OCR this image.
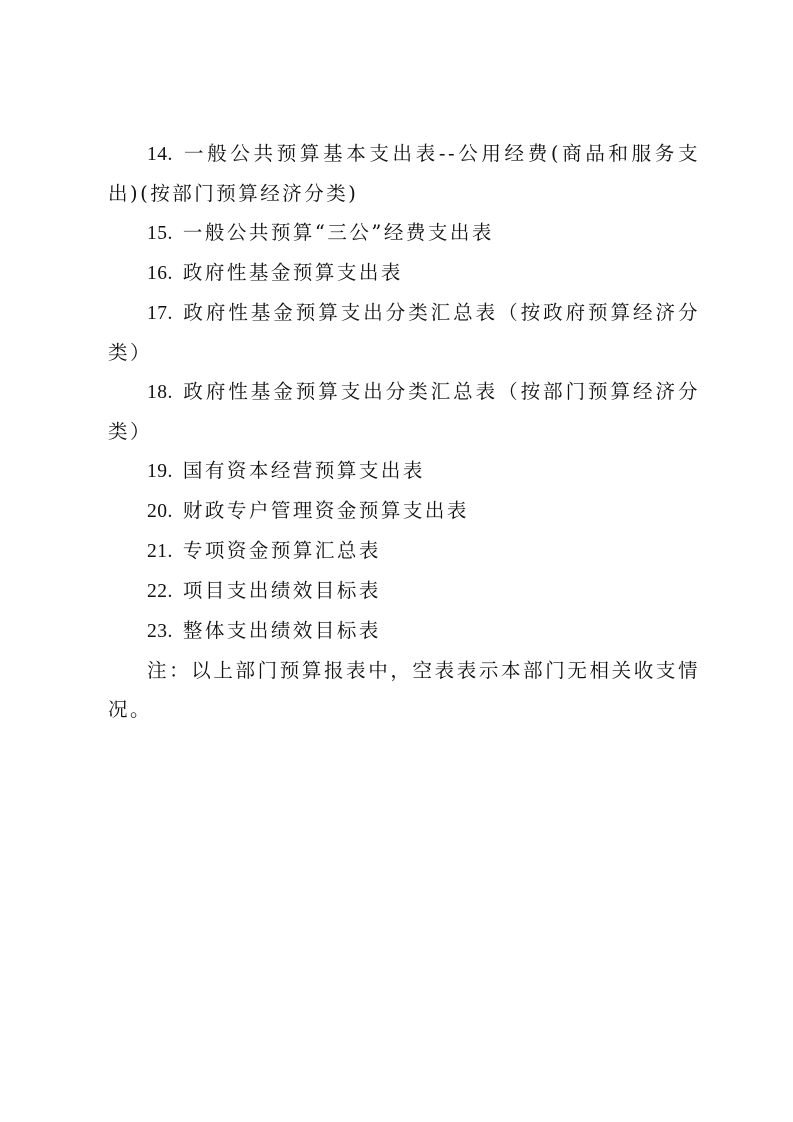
14. 一般公共预算基本支出表--公用经费(商品和服务支出)(按部门预算经济分类)

15. 一般公共预算“三公”经费支出表

16. 政府性基金预算支出表

17. 政府性基金预算支出分类汇总表（按政府预算经济分类）

18. 政府性基金预算支出分类汇总表（按部门预算经济分类）

19. 国有资本经营预算支出表

20. 财政专户管理资金预算支出表

21. 专项资金预算汇总表

22. 项目支出绩效目标表

23. 整体支出绩效目标表

注：以上部门预算报表中，空表表示本部门无相关收支情况。
